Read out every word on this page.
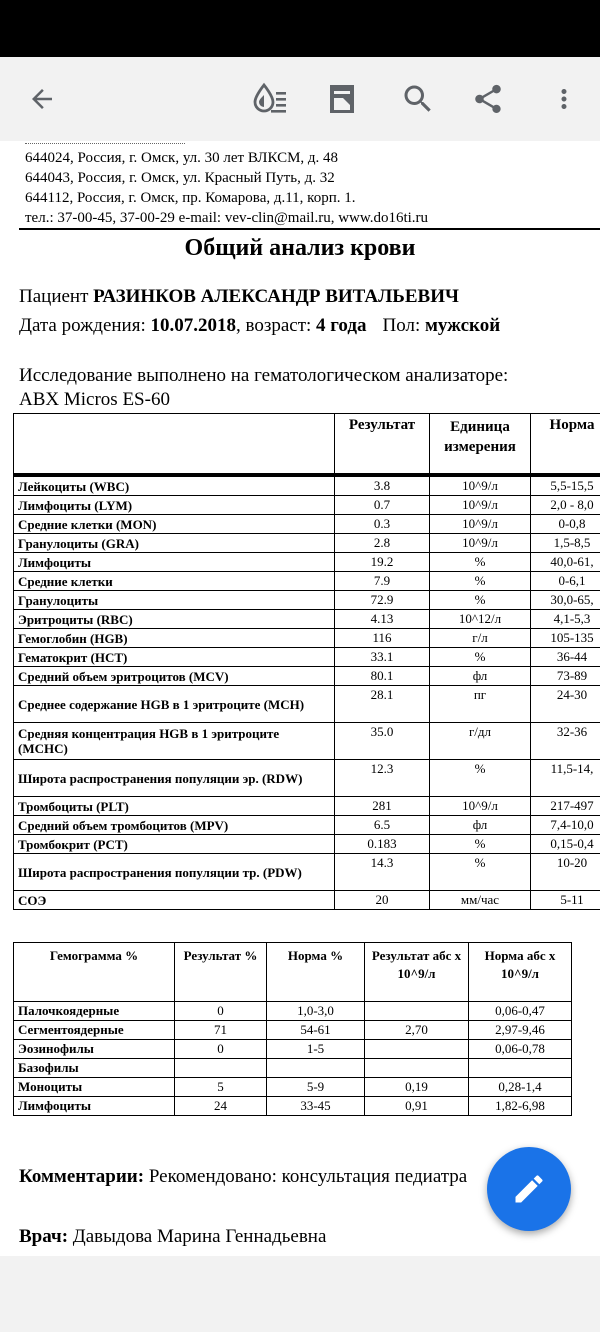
644024, Россия, г. Омск, ул. 30 лет ВЛКСМ, д. 48
644043, Россия, г. Омск, ул. Красный Путь, д. 32
644112, Россия, г. Омск, пр. Комарова, д.11, корп. 1.
тел.: 37-00-45, 37-00-29 e-mail: vev-clin@mail.ru, www.do16ti.ru
Общий анализ крови
Пациент РАЗИНКОВ АЛЕКСАНДР ВИТАЛЬЕВИЧ
Дата рождения: 10.07.2018, возраст: 4 года Пол: мужской
Исследование выполнено на гематологическом анализаторе:
ABX Micros ES-60
	Результат	Единица измерения	Норма

Лейкоциты (WBC)	3.8	10^9/л	5,5-15,5
Лимфоциты (LYM)	0.7	10^9/л	2,0 - 8,0
Средние клетки (MON)	0.3	10^9/л	0-0,8
Гранулоциты (GRA)	2.8	10^9/л	1,5-8,5
Лимфоциты	19.2	%	40,0-61,
Средние клетки	7.9	%	0-6,1
Гранулоциты	72.9	%	30,0-65,
Эритроциты (RBC)	4.13	10^12/л	4,1-5,3
Гемоглобин (HGB)	116	г/л	105-135
Гематокрит (HCT)	33.1	%	36-44
Средний объем эритроцитов (MCV)	80.1	фл	73-89
Среднее содержание HGB в 1 эритроците (MCH)	28.1	пг	24-30
Средняя концентрация HGB в 1 эритроците (MCHC)	35.0	г/дл	32-36
Широта распространения популяции эр. (RDW)	12.3	%	11,5-14,
Тромбоциты (PLT)	281	10^9/л	217-497
Средний объем тромбоцитов (MPV)	6.5	фл	7,4-10,0
Тромбокрит (PCT)	0.183	%	0,15-0,4
Широта распространения популяции тр. (PDW)	14.3	%	10-20
СОЭ	20	мм/час	5-11
Гемограмма %	Результат %	Норма %	Результат абс х 10^9/л	Норма абс х 10^9/л
Палочкоядерные	0	1,0-3,0		0,06-0,47
Сегментоядерные	71	54-61	2,70	2,97-9,46
Эозинофилы	0	1-5		0,06-0,78
Базофилы				
Моноциты	5	5-9	0,19	0,28-1,4
Лимфоциты	24	33-45	0,91	1,82-6,98
Комментарии: Рекомендовано: консультация педиатра
Врач: Давыдова Марина Геннадьевна
